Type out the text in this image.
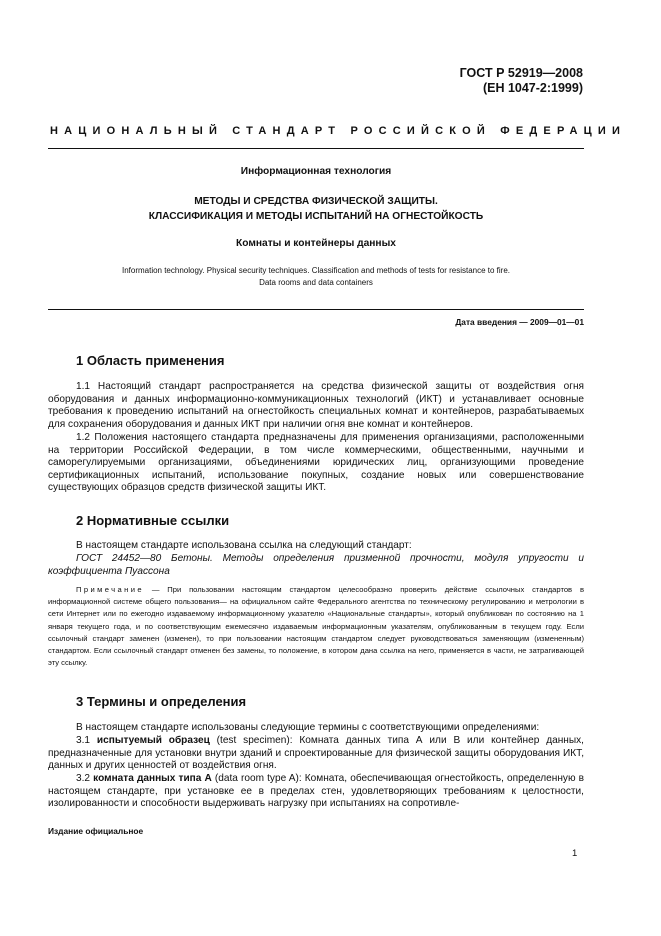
ГОСТ Р 52919—2008
(ЕН 1047-2:1999)
НАЦИОНАЛЬНЫЙ СТАНДАРТ РОССИЙСКОЙ ФЕДЕРАЦИИ
Информационная технология
МЕТОДЫ И СРЕДСТВА ФИЗИЧЕСКОЙ ЗАЩИТЫ.
КЛАССИФИКАЦИЯ И МЕТОДЫ ИСПЫТАНИЙ НА ОГНЕСТОЙКОСТЬ
Комнаты и контейнеры данных
Information technology. Physical security techniques. Classification and methods of tests for resistance to fire.
Data rooms and data containers
Дата введения — 2009—01—01
1 Область применения
1.1 Настоящий стандарт распространяется на средства физической защиты от воздействия огня оборудования и данных информационно-коммуникационных технологий (ИКТ) и устанавливает основные требования к проведению испытаний на огнестойкость специальных комнат и контейнеров, разрабатываемых для сохранения оборудования и данных ИКТ при наличии огня вне комнат и контейнеров.
1.2 Положения настоящего стандарта предназначены для применения организациями, расположенными на территории Российской Федерации, в том числе коммерческими, общественными, научными и саморегулируемыми организациями, объединениями юридических лиц, организующими проведение сертификационных испытаний, использование покупных, создание новых или совершенствование существующих образцов средств физической защиты ИКТ.
2 Нормативные ссылки
В настоящем стандарте использована ссылка на следующий стандарт:
ГОСТ 24452—80 Бетоны. Методы определения призменной прочности, модуля упругости и коэффициента Пуассона
Примечание — При пользовании настоящим стандартом целесообразно проверить действие ссылочных стандартов в информационной системе общего пользования— на официальном сайте Федерального агентства по техническому регулированию и метрологии в сети Интернет или по ежегодно издаваемому информационному указателю «Национальные стандарты», который опубликован по состоянию на 1 января текущего года, и по соответствующим ежемесячно издаваемым информационным указателям, опубликованным в текущем году. Если ссылочный стандарт заменен (изменен), то при пользовании настоящим стандартом следует руководствоваться заменяющим (измененным) стандартом. Если ссылочный стандарт отменен без замены, то положение, в котором дана ссылка на него, применяется в части, не затрагивающей эту ссылку.
3 Термины и определения
В настоящем стандарте использованы следующие термины с соответствующими определениями:
3.1 испытуемый образец (test specimen): Комната данных типа А или В или контейнер данных, предназначенные для установки внутри зданий и спроектированные для физической защиты оборудования ИКТ, данных и других ценностей от воздействия огня.
3.2 комната данных типа А (data room type A): Комната, обеспечивающая огнестойкость, определенную в настоящем стандарте, при установке ее в пределах стен, удовлетворяющих требованиям к целостности, изолированности и способности выдерживать нагрузку при испытаниях на сопротивле-
Издание официальное
1
